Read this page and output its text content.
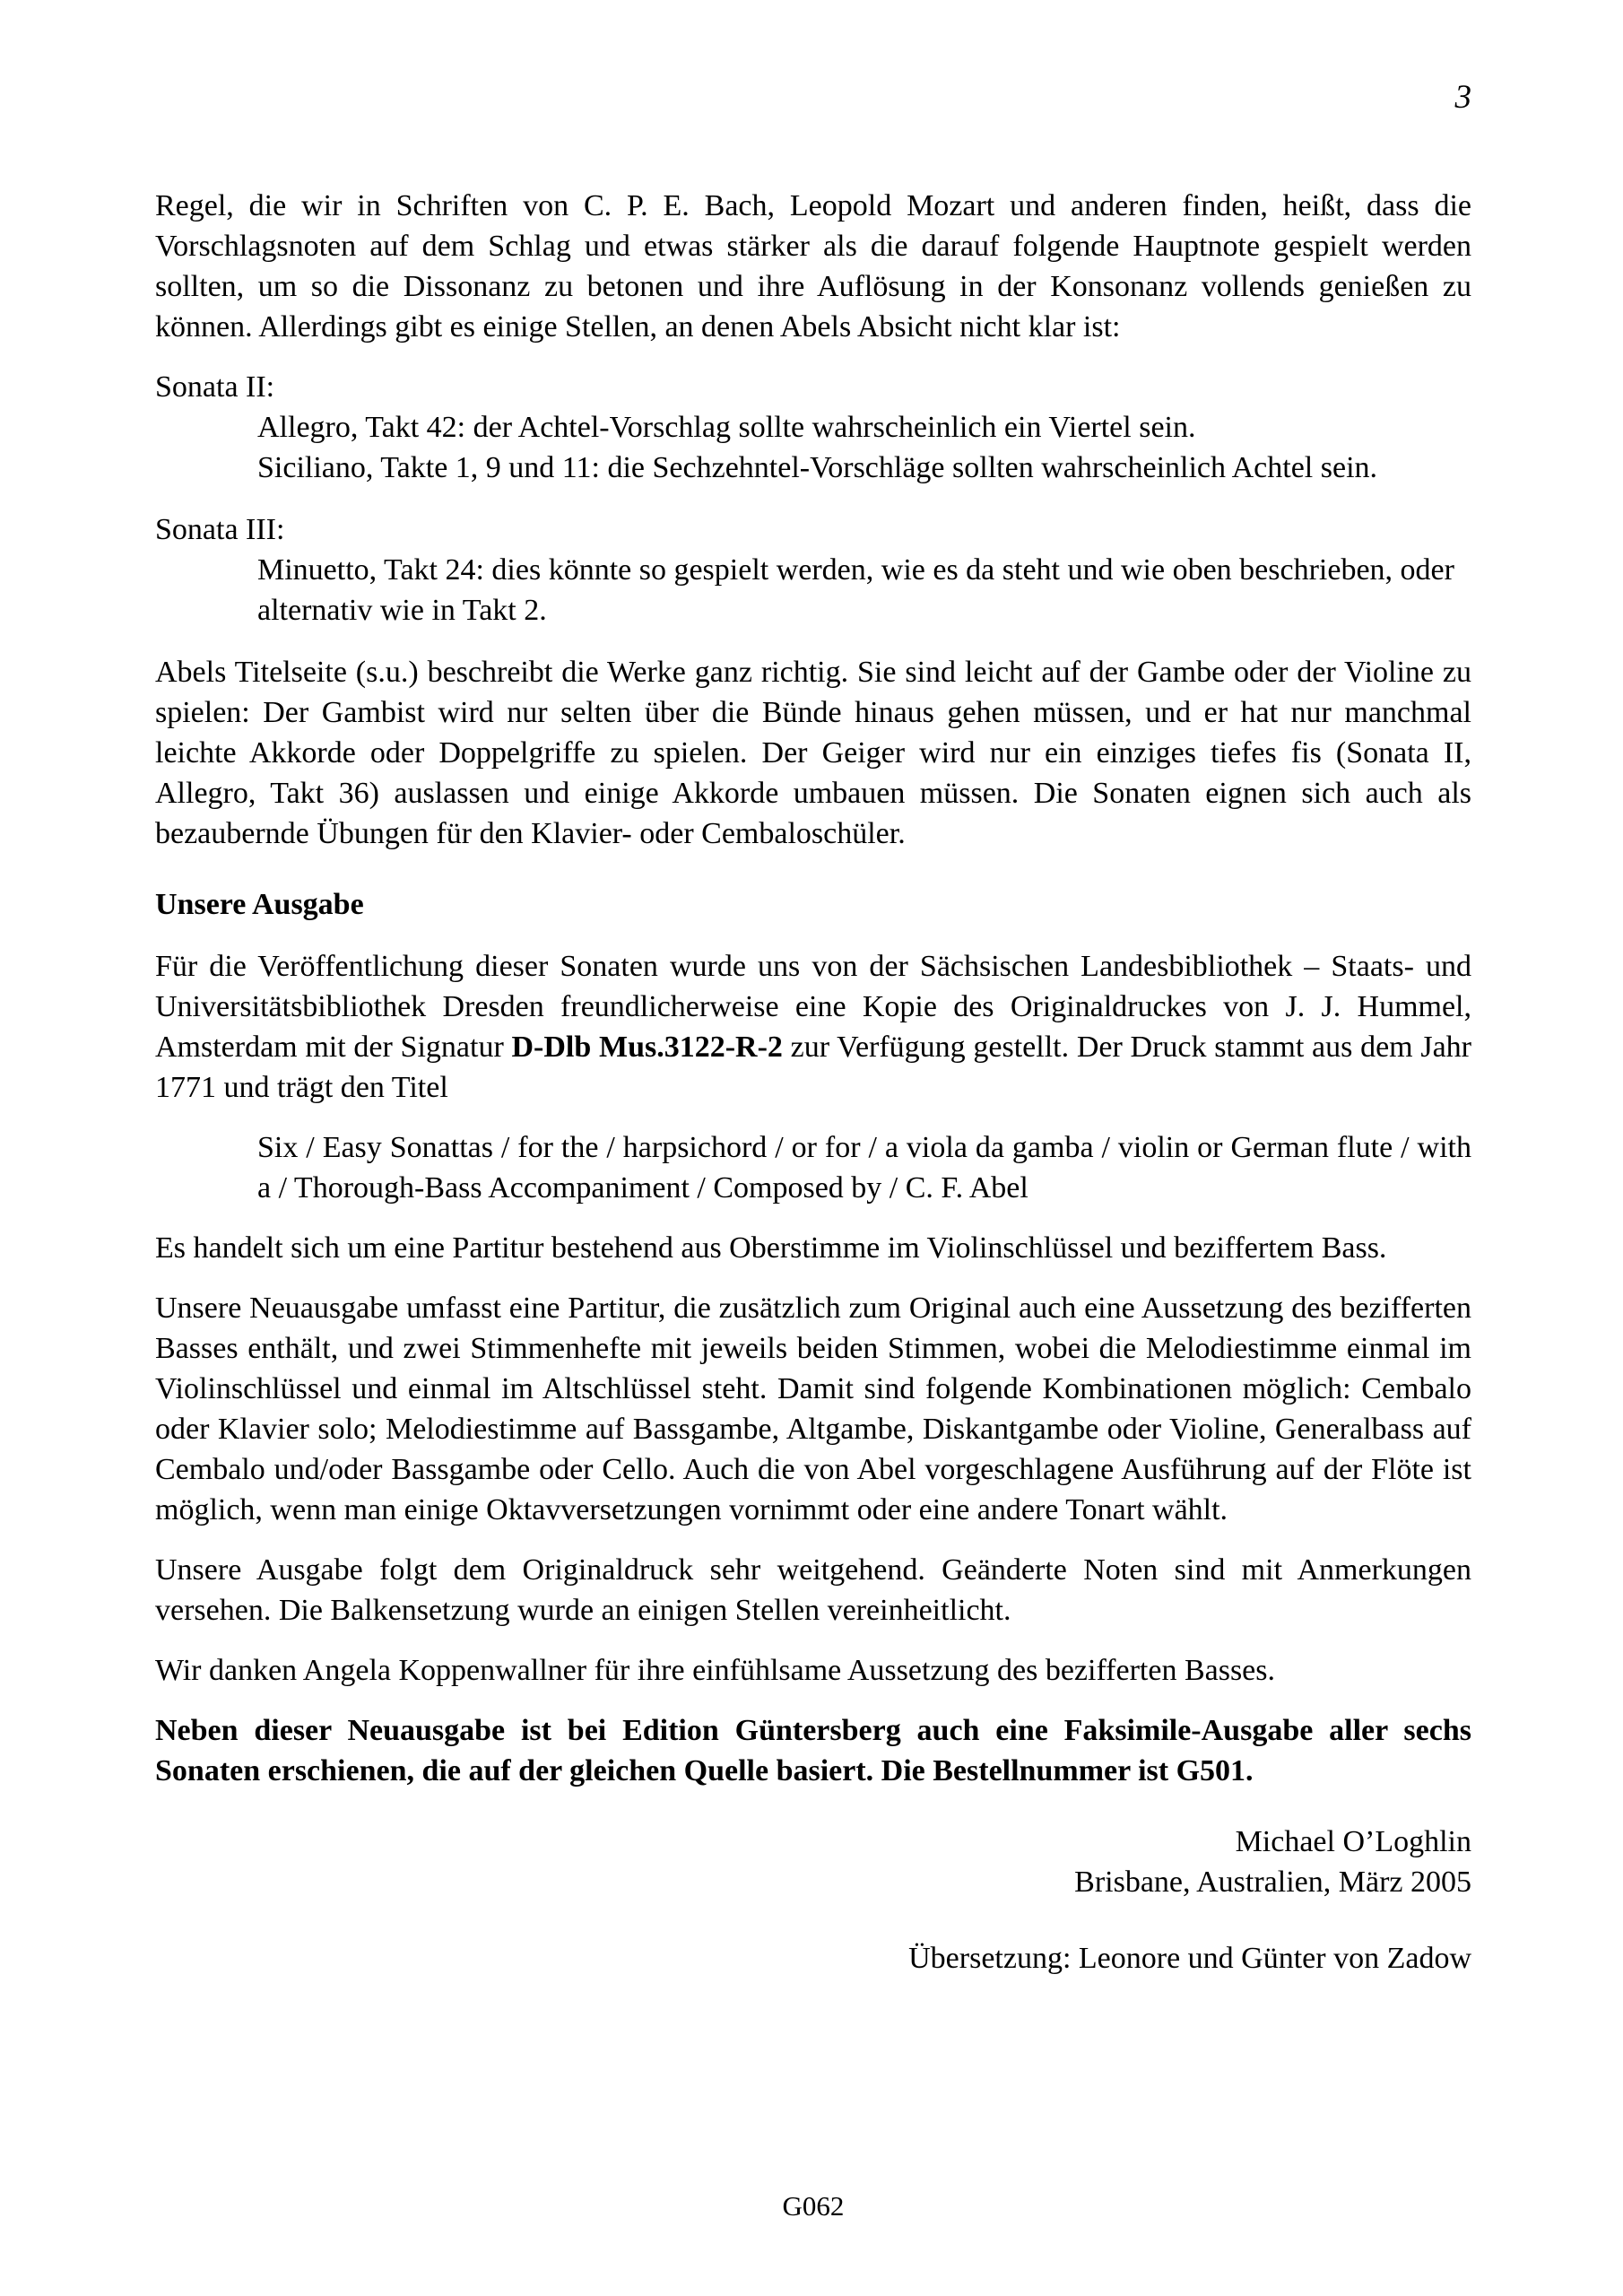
3

Regel, die wir in Schriften von C. P. E. Bach, Leopold Mozart und anderen finden, heißt, dass die Vorschlagsnoten auf dem Schlag und etwas stärker als die darauf folgende Hauptnote gespielt werden sollten, um so die Dissonanz zu betonen und ihre Auflösung in der Konsonanz vollends genießen zu können. Allerdings gibt es einige Stellen, an denen Abels Absicht nicht klar ist:

Sonata II:
Allegro, Takt 42: der Achtel-Vorschlag sollte wahrscheinlich ein Viertel sein.
Siciliano, Takte 1, 9 und 11: die Sechzehntel-Vorschläge sollten wahrscheinlich Achtel sein.
Sonata III:
Minuetto, Takt 24: dies könnte so gespielt werden, wie es da steht und wie oben beschrieben, oder alternativ wie in Takt 2.

Abels Titelseite (s.u.) beschreibt die Werke ganz richtig. Sie sind leicht auf der Gambe oder der Violine zu spielen: Der Gambist wird nur selten über die Bünde hinaus gehen müssen, und er hat nur manchmal leichte Akkorde oder Doppelgriffe zu spielen. Der Geiger wird nur ein einziges tiefes fis (Sonata II, Allegro, Takt 36) auslassen und einige Akkorde umbauen müssen. Die Sonaten eignen sich auch als bezaubernde Übungen für den Klavier- oder Cembaloschüler.

Unsere Ausgabe

Für die Veröffentlichung dieser Sonaten wurde uns von der Sächsischen Landesbibliothek – Staats- und Universitätsbibliothek Dresden freundlicherweise eine Kopie des Originaldruckes von J. J. Hummel, Amsterdam mit der Signatur D-Dlb Mus.3122-R-2 zur Verfügung gestellt. Der Druck stammt aus dem Jahr 1771 und trägt den Titel

Six / Easy Sonattas / for the / harpsichord / or for / a viola da gamba / violin or German flute / with a / Thorough-Bass Accompaniment / Composed by / C. F. Abel

Es handelt sich um eine Partitur bestehend aus Oberstimme im Violinschlüssel und beziffertem Bass.

Unsere Neuausgabe umfasst eine Partitur, die zusätzlich zum Original auch eine Aussetzung des bezifferten Basses enthält, und zwei Stimmenhefte mit jeweils beiden Stimmen, wobei die Melodiestimme einmal im Violinschlüssel und einmal im Altschlüssel steht. Damit sind folgende Kombinationen möglich: Cembalo oder Klavier solo; Melodiestimme auf Bassgambe, Altgambe, Diskantgambe oder Violine, Generalbass auf Cembalo und/oder Bassgambe oder Cello. Auch die von Abel vorgeschlagene Ausführung auf der Flöte ist möglich, wenn man einige Oktavversetzungen vornimmt oder eine andere Tonart wählt.

Unsere Ausgabe folgt dem Originaldruck sehr weitgehend. Geänderte Noten sind mit Anmerkungen versehen. Die Balkensetzung wurde an einigen Stellen vereinheitlicht.

Wir danken Angela Koppenwallner für ihre einfühlsame Aussetzung des bezifferten Basses.

Neben dieser Neuausgabe ist bei Edition Güntersberg auch eine Faksimile-Ausgabe aller sechs Sonaten erschienen, die auf der gleichen Quelle basiert. Die Bestellnummer ist G501.

Michael O’Loghlin
Brisbane, Australien, März 2005
Übersetzung: Leonore und Günter von Zadow
G062
